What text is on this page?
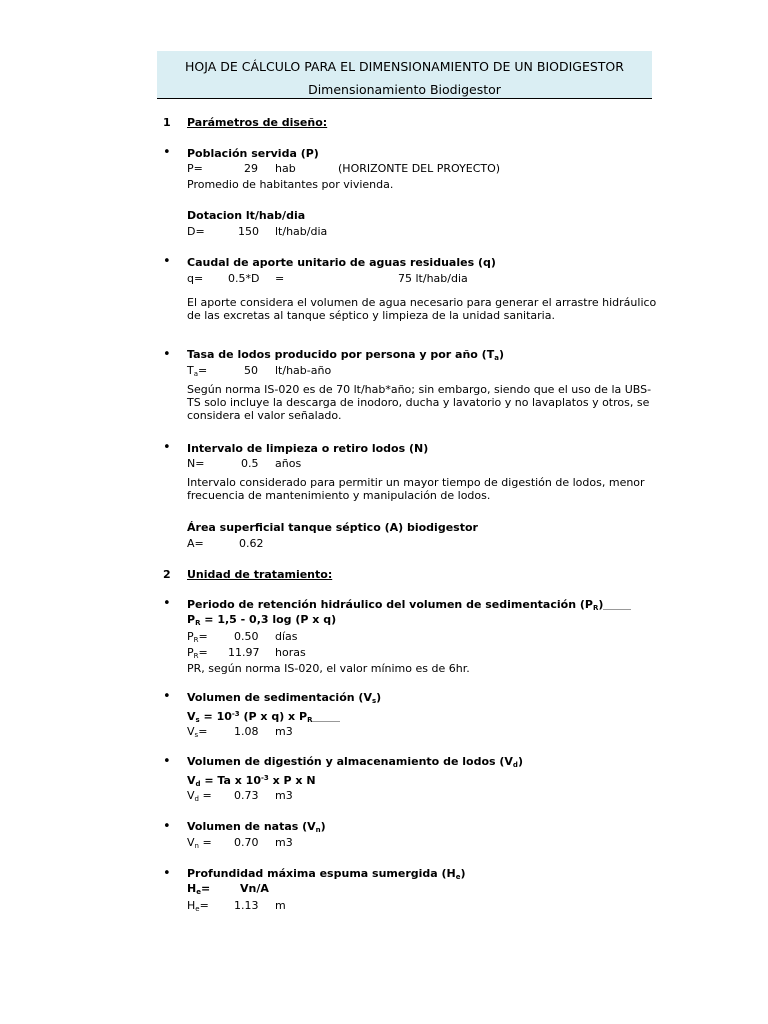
HOJA DE CÁLCULO PARA EL DIMENSIONAMIENTO DE UN BIODIGESTOR
Dimensionamiento Biodigestor
1 Parámetros de diseño:
• Población servida (P)
P=	29 hab	(HORIZONTE DEL PROYECTO)
Promedio de habitantes por vivienda.
Dotacion lt/hab/dia
D=	150 lt/hab/dia
• Caudal de aporte unitario de aguas residuales (q)
q= 0.5*D =	75 lt/hab/dia
El aporte considera el volumen de agua necesario para generar el arrastre hidráulico de las excretas al tanque séptico y limpieza de la unidad sanitaria.
• Tasa de lodos producido por persona y por año $(T_a)$
$T_a=$	50 lt/hab-año
Según norma IS-020 es de 70 lt/hab*año; sin embargo, siendo que el uso de la UBS-TS solo incluye la descarga de inodoro, ducha y lavatorio y no lavaplatos y otros, se considera el valor señalado.
• Intervalo de limpieza o retiro lodos (N)
N=	0.5 años
Intervalo considerado para permitir un mayor tiempo de digestión de lodos, menor frecuencia de mantenimiento y manipulación de lodos.
Área superficial tanque séptico (A) biodigestor
A=	0.62
2 Unidad de tratamiento:
• Periodo de retención hidráulico del volumen de sedimentación $(P_R)$
$P_R = 1,5 - 0,3$ log (P x q)
$P_R= 0.50$ días
$P_R= 11.97$ horas
PR, según norma IS-020, el valor mínimo es de 6hr.
• Volumen de sedimentación $(V_s)$
$V_s = 10^{-3}$ (P x q) x $P_R$
$V_s= 1.08$ m3
• Volumen de digestión y almacenamiento de lodos $(V_d)$
$V_d = Ta$ x $10^{-3}$ x P x N
$V_d = 0.73$ m3
• Volumen de natas $(V_n)$
$V_n = 0.70$ m3
• Profundidad máxima espuma sumergida $(H_e)$
$H_e=$	Vn/A
$H_e= 1.13$ m
